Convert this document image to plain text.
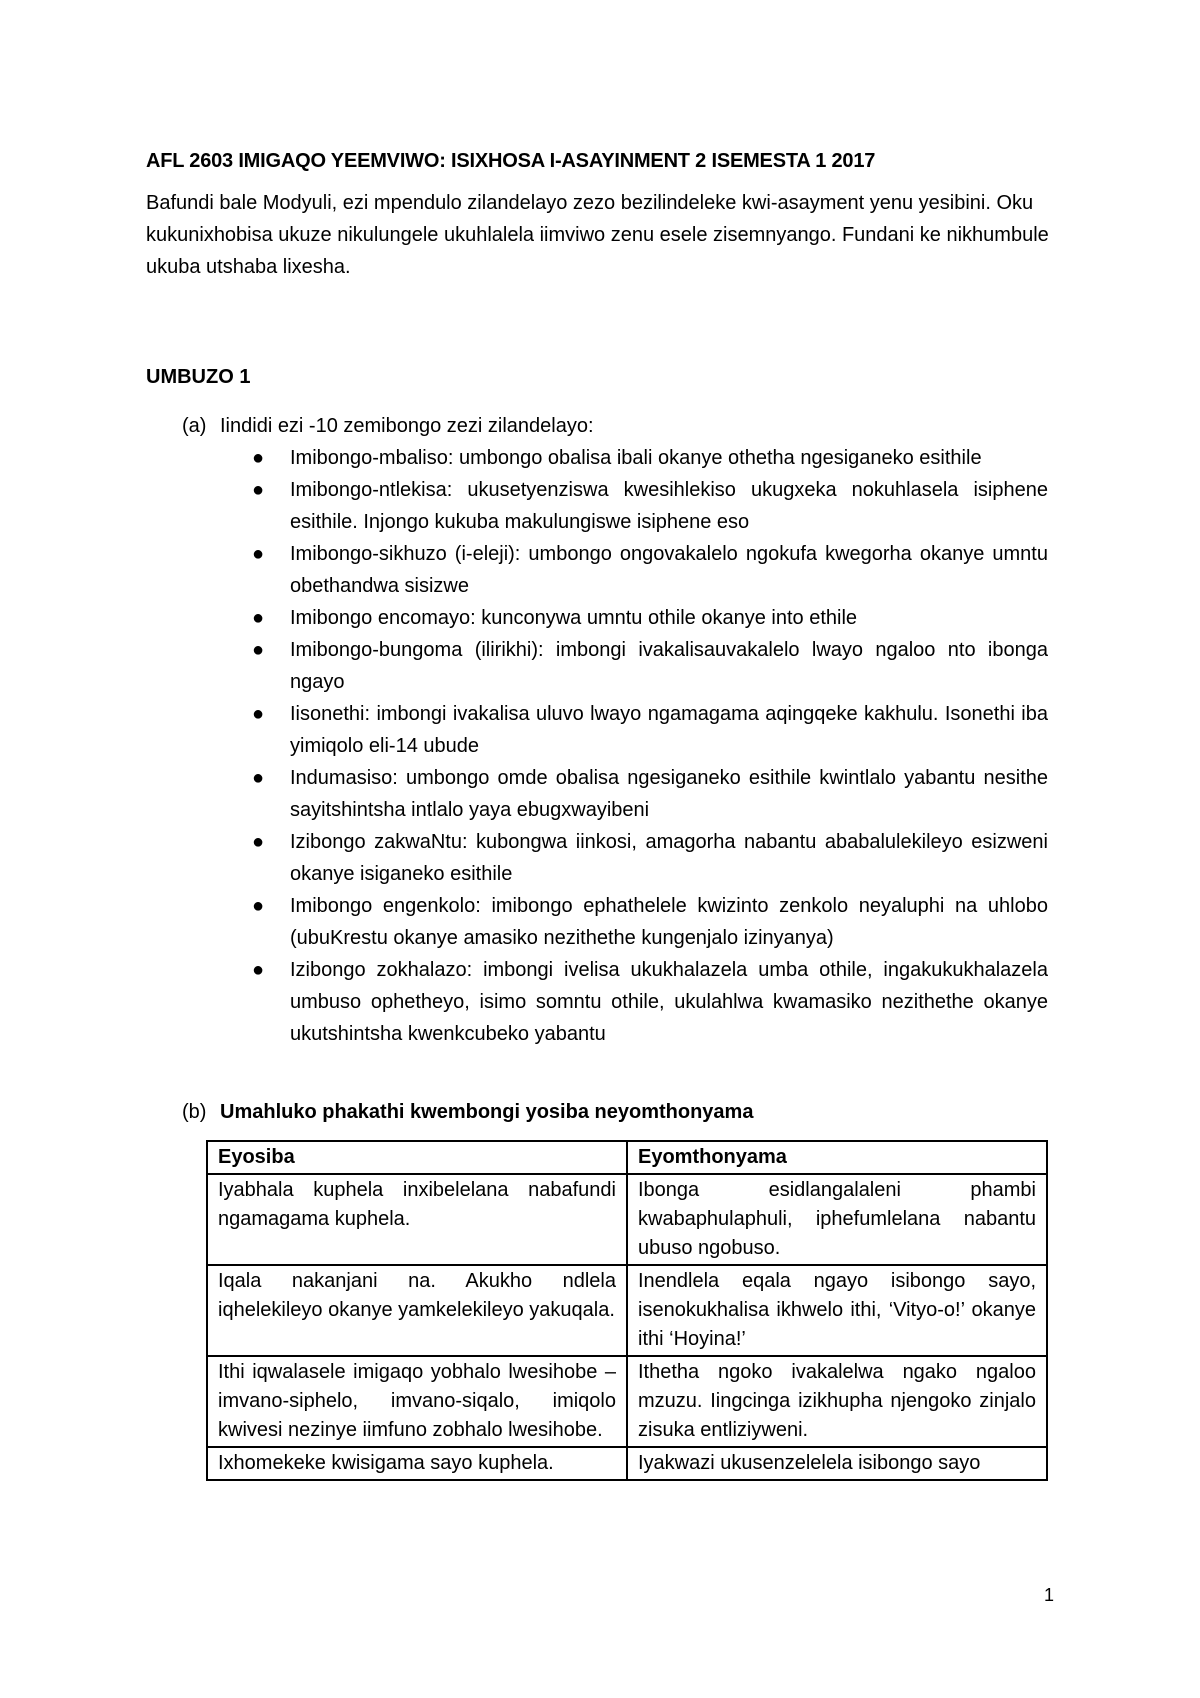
AFL 2603 IMIGAQO YEEMVIWO: ISIXHOSA I-ASAYINMENT 2 ISEMESTA 1 2017

Bafundi bale Modyuli, ezi mpendulo zilandelayo zezo bezilindeleke kwi-asayment yenu yesibini. Oku kukunixhobisa ukuze nikulungele ukuhlalela iimviwo zenu esele zisemnyango. Fundani ke nikhumbule ukuba utshaba lixesha.

UMBUZO 1
(a) Iindidi ezi -10 zemibongo zezi zilandelayo:
● Imibongo-mbaliso: umbongo obalisa ibali okanye othetha ngesiganeko esithile
● Imibongo-ntlekisa: ukusetyenziswa kwesihlekiso ukugxeka nokuhlasela isiphene esithile. Injongo kukuba makulungiswe isiphene eso
● Imibongo-sikhuzo (i-eleji): umbongo ongovakalelo ngokufa kwegorha okanye umntu obethandwa sisizwe
● Imibongo encomayo: kunconywa umntu othile okanye into ethile
● Imibongo-bungoma (ilirikhi): imbongi ivakalisauvakalelo lwayo ngaloo nto ibonga ngayo
● Iisonethi: imbongi ivakalisa uluvo lwayo ngamagama aqingqeke kakhulu. Isonethi iba yimiqolo eli-14 ubude
● Indumasiso: umbongo omde obalisa ngesiganeko esithile kwintlalo yabantu nesithe sayitshintsha intlalo yaya ebugxwayibeni
● Izibongo zakwaNtu: kubongwa iinkosi, amagorha nabantu ababalulekileyo esizweni okanye isiganeko esithile
● Imibongo engenkolo: imibongo ephathelele kwizinto zenkolo neyaluphi na uhlobo (ubuKrestu okanye amasiko nezithethe kungenjalo izinyanya)
● Izibongo zokhalazo: imbongi ivelisa ukukhalazela umba othile, ingakukukhalazela umbuso ophetheyo, isimo somntu othile, ukulahlwa kwamasiko nezithethe okanye ukutshintsha kwenkcubeko yabantu
(b) Umahluko phakathi kwembongi yosiba neyomthonyama
Eyosiba	Eyomthonyama
Iyabhala kuphela inxibelelana nabafundi ngamagama kuphela.	Ibonga esidlangalaleni phambi kwabaphulaphuli, iphefumlelana nabantu ubuso ngobuso.
Iqala nakanjani na. Akukho ndlela iqhelekileyo okanye yamkelekileyo yakuqala.	Inendlela eqala ngayo isibongo sayo, isenokukhalisa ikhwelo ithi, ‘Vityo-o!’ okanye ithi ‘Hoyina!’
Ithi iqwalasele imigaqo yobhalo lwesihobe – imvano-siphelo, imvano-siqalo, imiqolo kwivesi nezinye iimfuno zobhalo lwesihobe.	Ithetha ngoko ivakalelwa ngako ngaloo mzuzu. Iingcinga izikhupha njengoko zinjalo zisuka entliziyweni.
Ixhomekeke kwisigama sayo kuphela.	Iyakwazi ukusenzelelela isibongo sayo
1
